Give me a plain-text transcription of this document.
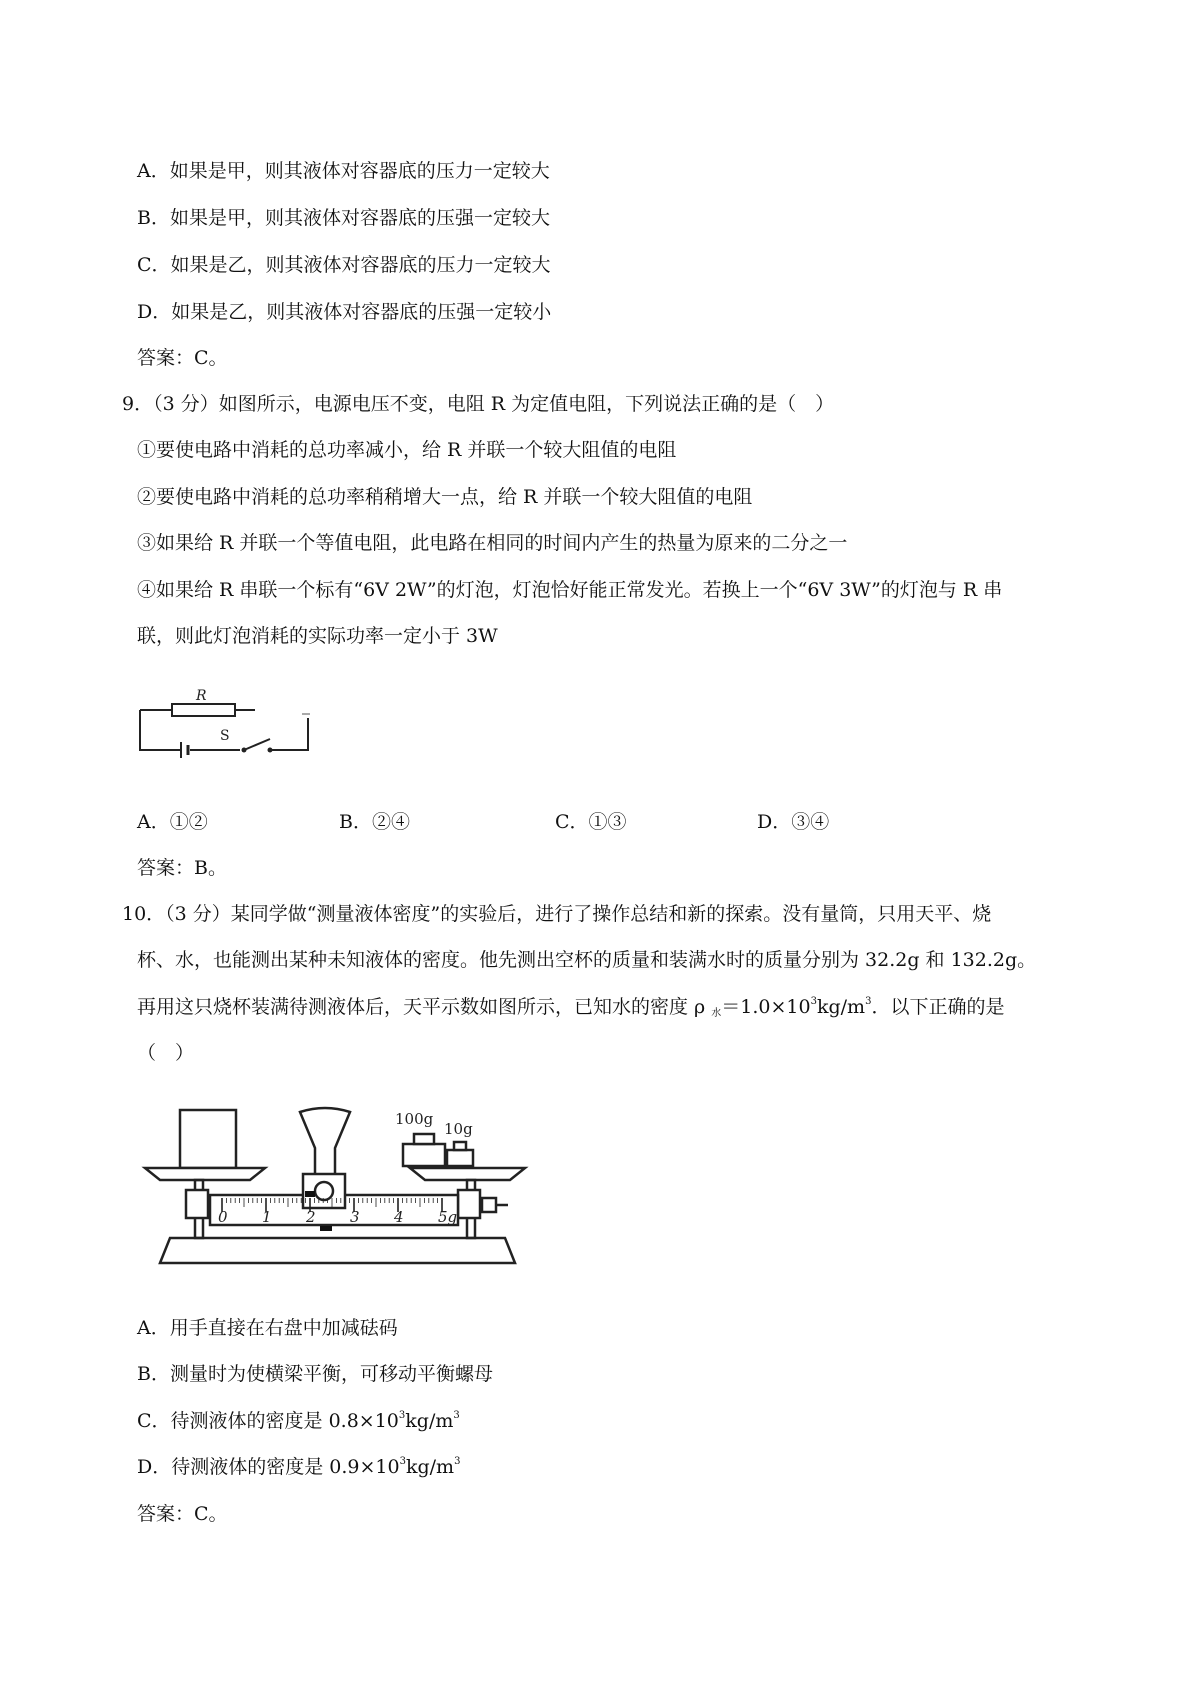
A．如果是甲，则其液体对容器底的压力一定较大
B．如果是甲，则其液体对容器底的压强一定较大
C．如果是乙，则其液体对容器底的压力一定较大
D．如果是乙，则其液体对容器底的压强一定较小
答案：C。
9．（3 分）如图所示，电源电压不变，电阻 R 为定值电阻，下列说法正确的是（　）
①要使电路中消耗的总功率减小，给 R 并联一个较大阻值的电阻
②要使电路中消耗的总功率稍稍增大一点，给 R 并联一个较大阻值的电阻
③如果给 R 并联一个等值电阻，此电路在相同的时间内产生的热量为原来的二分之一
④如果给 R 串联一个标有“6V 2W”的灯泡，灯泡恰好能正常发光。若换上一个“6V 3W”的灯泡与 R 串
联，则此灯泡消耗的实际功率一定小于 3W
R
S
A．①②	B．②④	C．①③	D．③④
答案：B。
10．（3 分）某同学做“测量液体密度”的实验后，进行了操作总结和新的探索。没有量筒，只用天平、烧
杯、水，也能测出某种未知液体的密度。他先测出空杯的质量和装满水时的质量分别为 32.2g 和 132.2g。
再用这只烧杯装满待测液体后，天平示数如图所示，已知水的密度 ρ $_水=1.0\times 10^3kg/m^3$．以下正确的是
（　）
0 1 2 3 4 5g
100g
10g
A．用手直接在右盘中加减砝码
B．测量时为使横梁平衡，可移动平衡螺母
C．待测液体的密度是 $0.8\times 10^3kg/m^3$
D．待测液体的密度是 $0.9\times 10^3kg/m^3$
答案：C。
